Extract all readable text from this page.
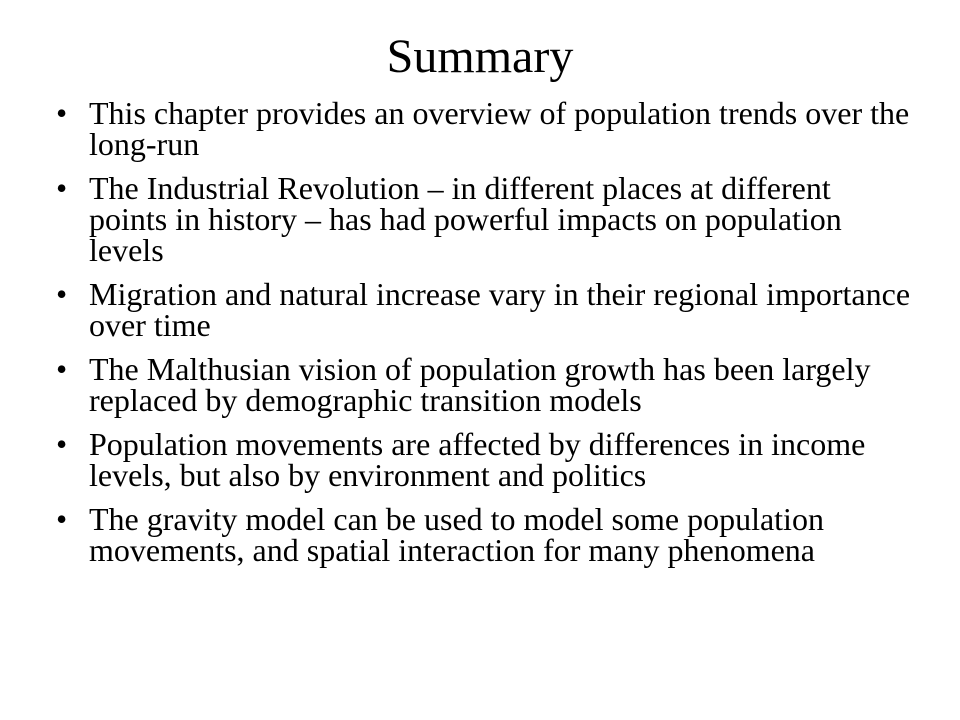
Summary
• This chapter provides an overview of population trends over the long-run
• The Industrial Revolution – in different places at different points in history – has had powerful impacts on population levels
• Migration and natural increase vary in their regional importance over time
• The Malthusian vision of population growth has been largely replaced by demographic transition models
• Population movements are affected by differences in income levels, but also by environment and politics
• The gravity model can be used to model some population movements, and spatial interaction for many phenomena
